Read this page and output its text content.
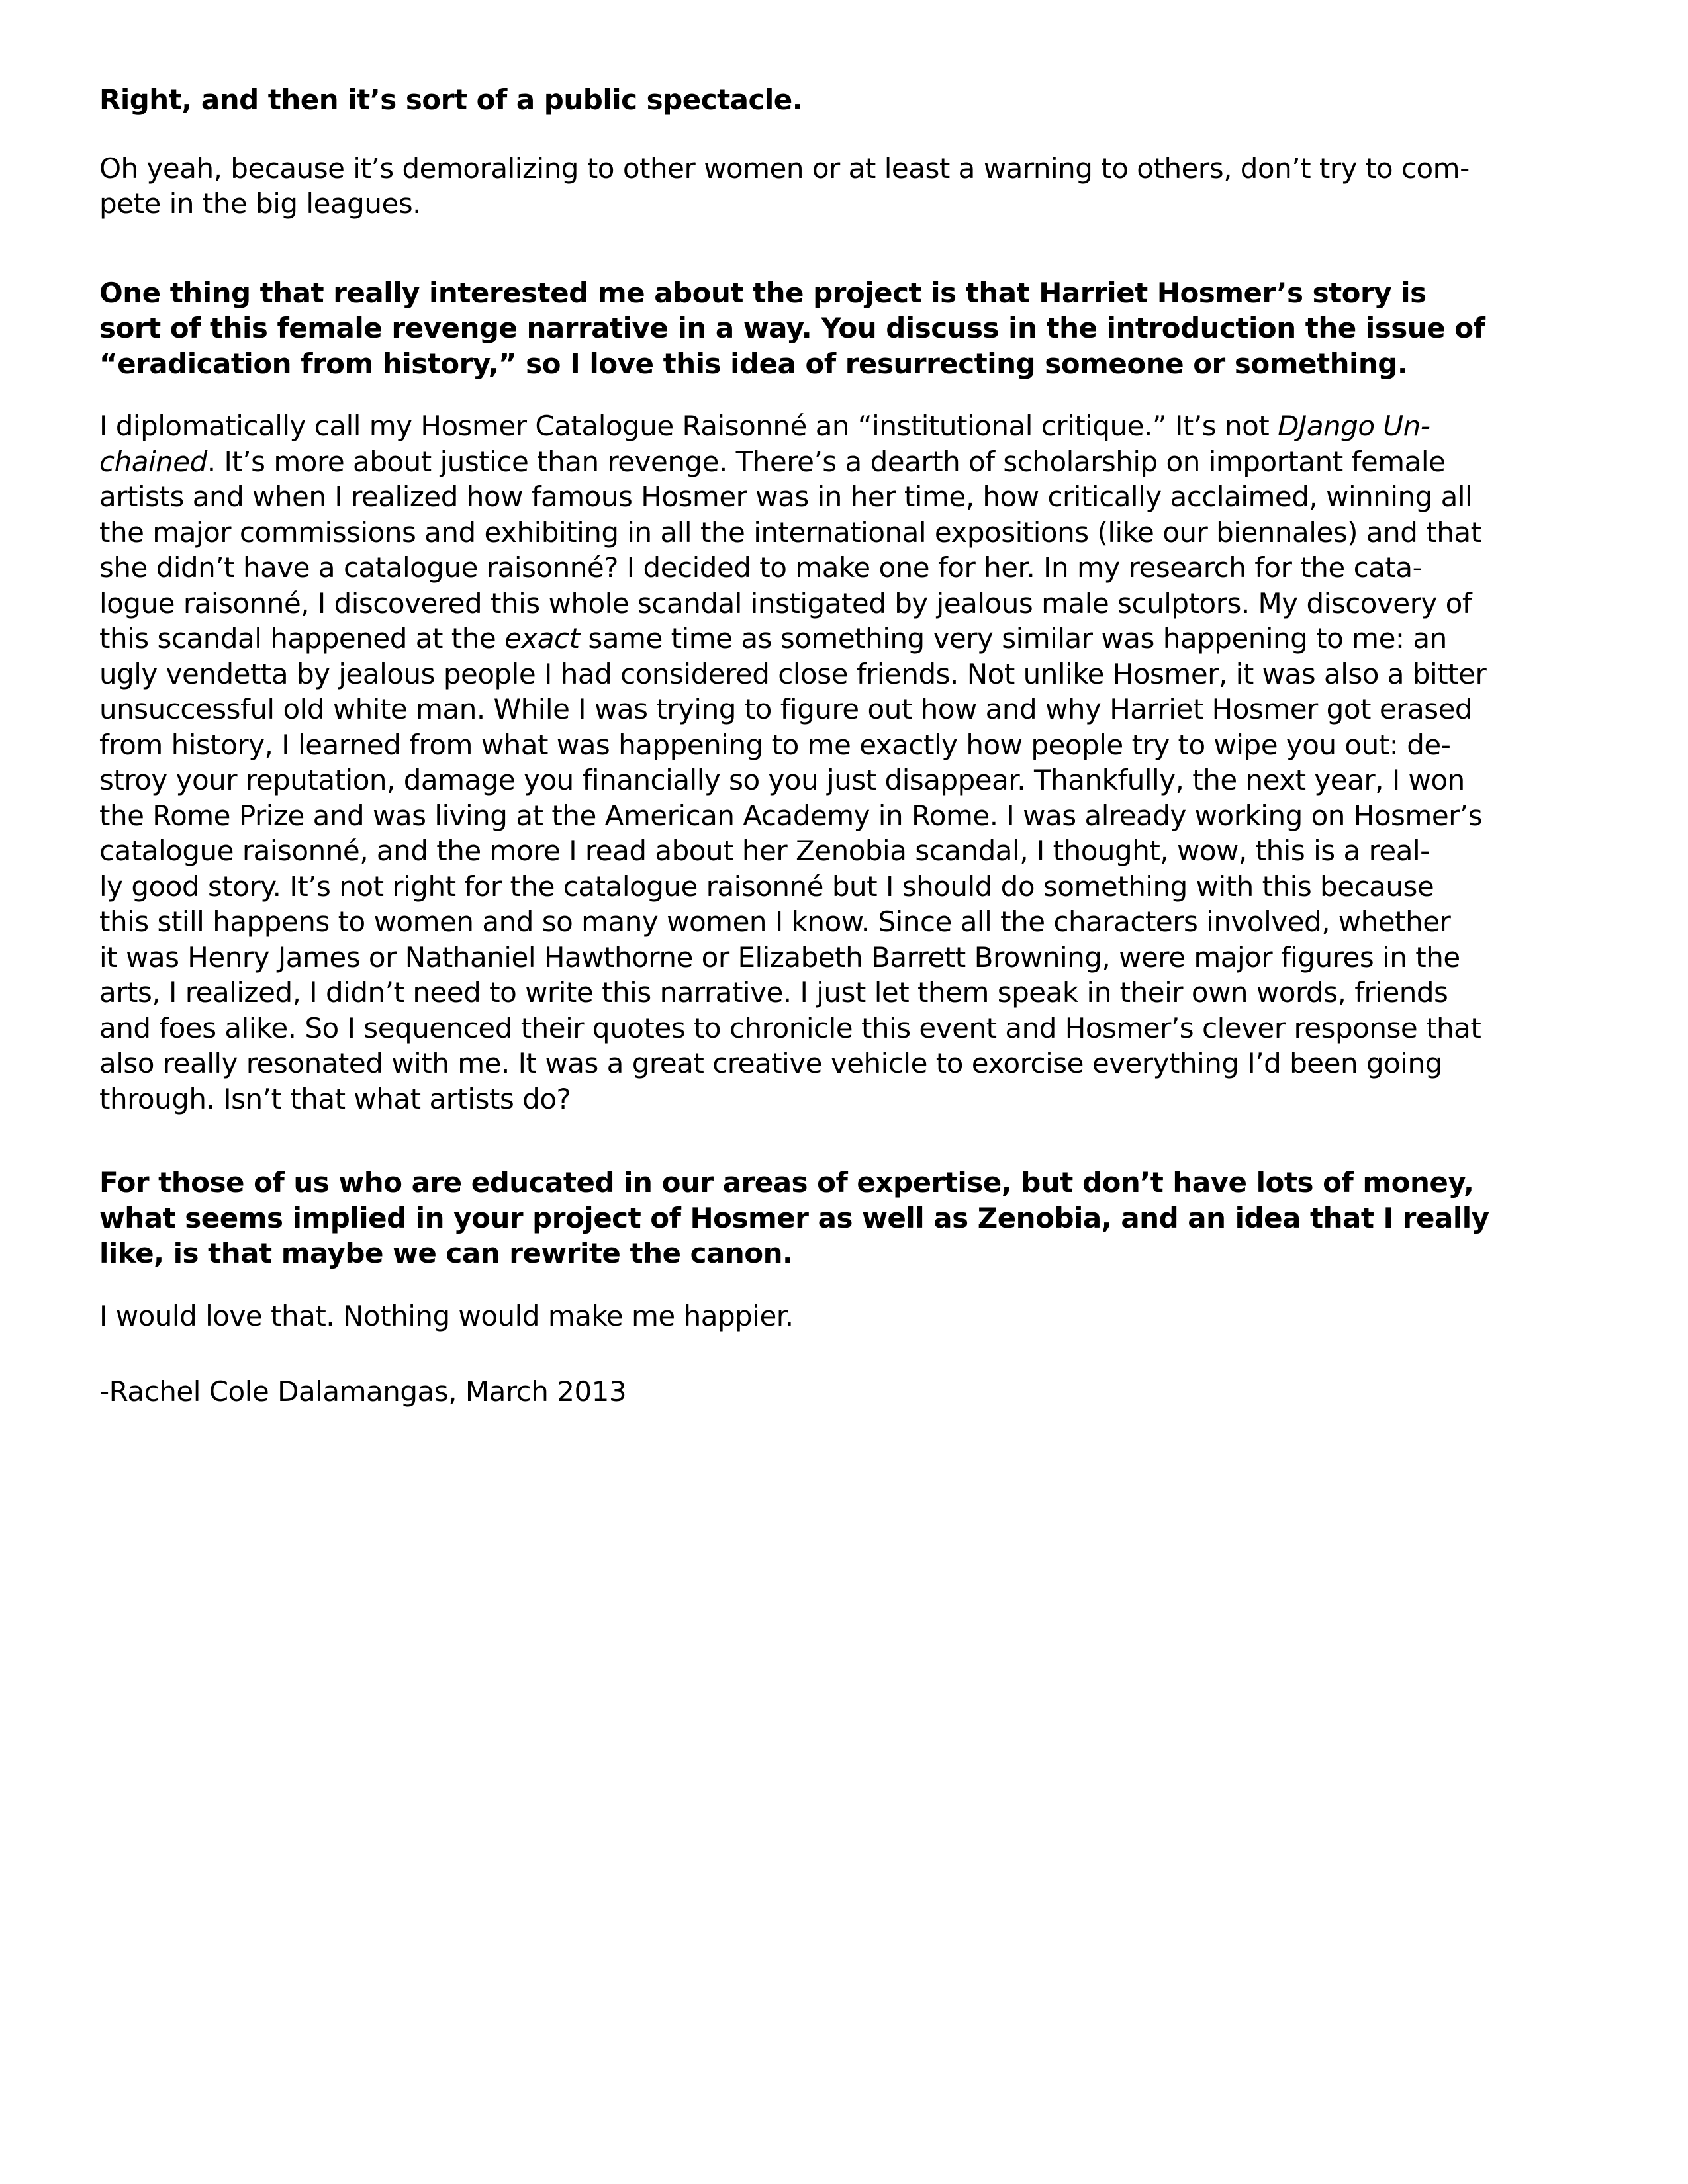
Right, and then it’s sort of a public spectacle.
Oh yeah, because it’s demoralizing to other women or at least a warning to others, don’t try to com-
pete in the big leagues.
One thing that really interested me about the project is that Harriet Hosmer’s story is
sort of this female revenge narrative in a way. You discuss in the introduction the issue of
“eradication from history,” so I love this idea of resurrecting someone or something.
I diplomatically call my Hosmer Catalogue Raisonné an “institutional critique.” It’s not DJango Un-
chained. It’s more about justice than revenge. There’s a dearth of scholarship on important female
artists and when I realized how famous Hosmer was in her time, how critically acclaimed, winning all
the major commissions and exhibiting in all the international expositions (like our biennales) and that
she didn’t have a catalogue raisonné? I decided to make one for her. In my research for the cata-
logue raisonné, I discovered this whole scandal instigated by jealous male sculptors. My discovery of
this scandal happened at the exact same time as something very similar was happening to me: an
ugly vendetta by jealous people I had considered close friends. Not unlike Hosmer, it was also a bitter
unsuccessful old white man. While I was trying to figure out how and why Harriet Hosmer got erased
from history, I learned from what was happening to me exactly how people try to wipe you out: de-
stroy your reputation, damage you financially so you just disappear. Thankfully, the next year, I won
the Rome Prize and was living at the American Academy in Rome. I was already working on Hosmer’s
catalogue raisonné, and the more I read about her Zenobia scandal, I thought, wow, this is a real-
ly good story. It’s not right for the catalogue raisonné but I should do something with this because
this still happens to women and so many women I know. Since all the characters involved, whether
it was Henry James or Nathaniel Hawthorne or Elizabeth Barrett Browning, were major figures in the
arts, I realized, I didn’t need to write this narrative. I just let them speak in their own words, friends
and foes alike. So I sequenced their quotes to chronicle this event and Hosmer’s clever response that
also really resonated with me. It was a great creative vehicle to exorcise everything I’d been going
through. Isn’t that what artists do?
For those of us who are educated in our areas of expertise, but don’t have lots of money,
what seems implied in your project of Hosmer as well as Zenobia, and an idea that I really
like, is that maybe we can rewrite the canon.
I would love that. Nothing would make me happier.
-Rachel Cole Dalamangas, March 2013
